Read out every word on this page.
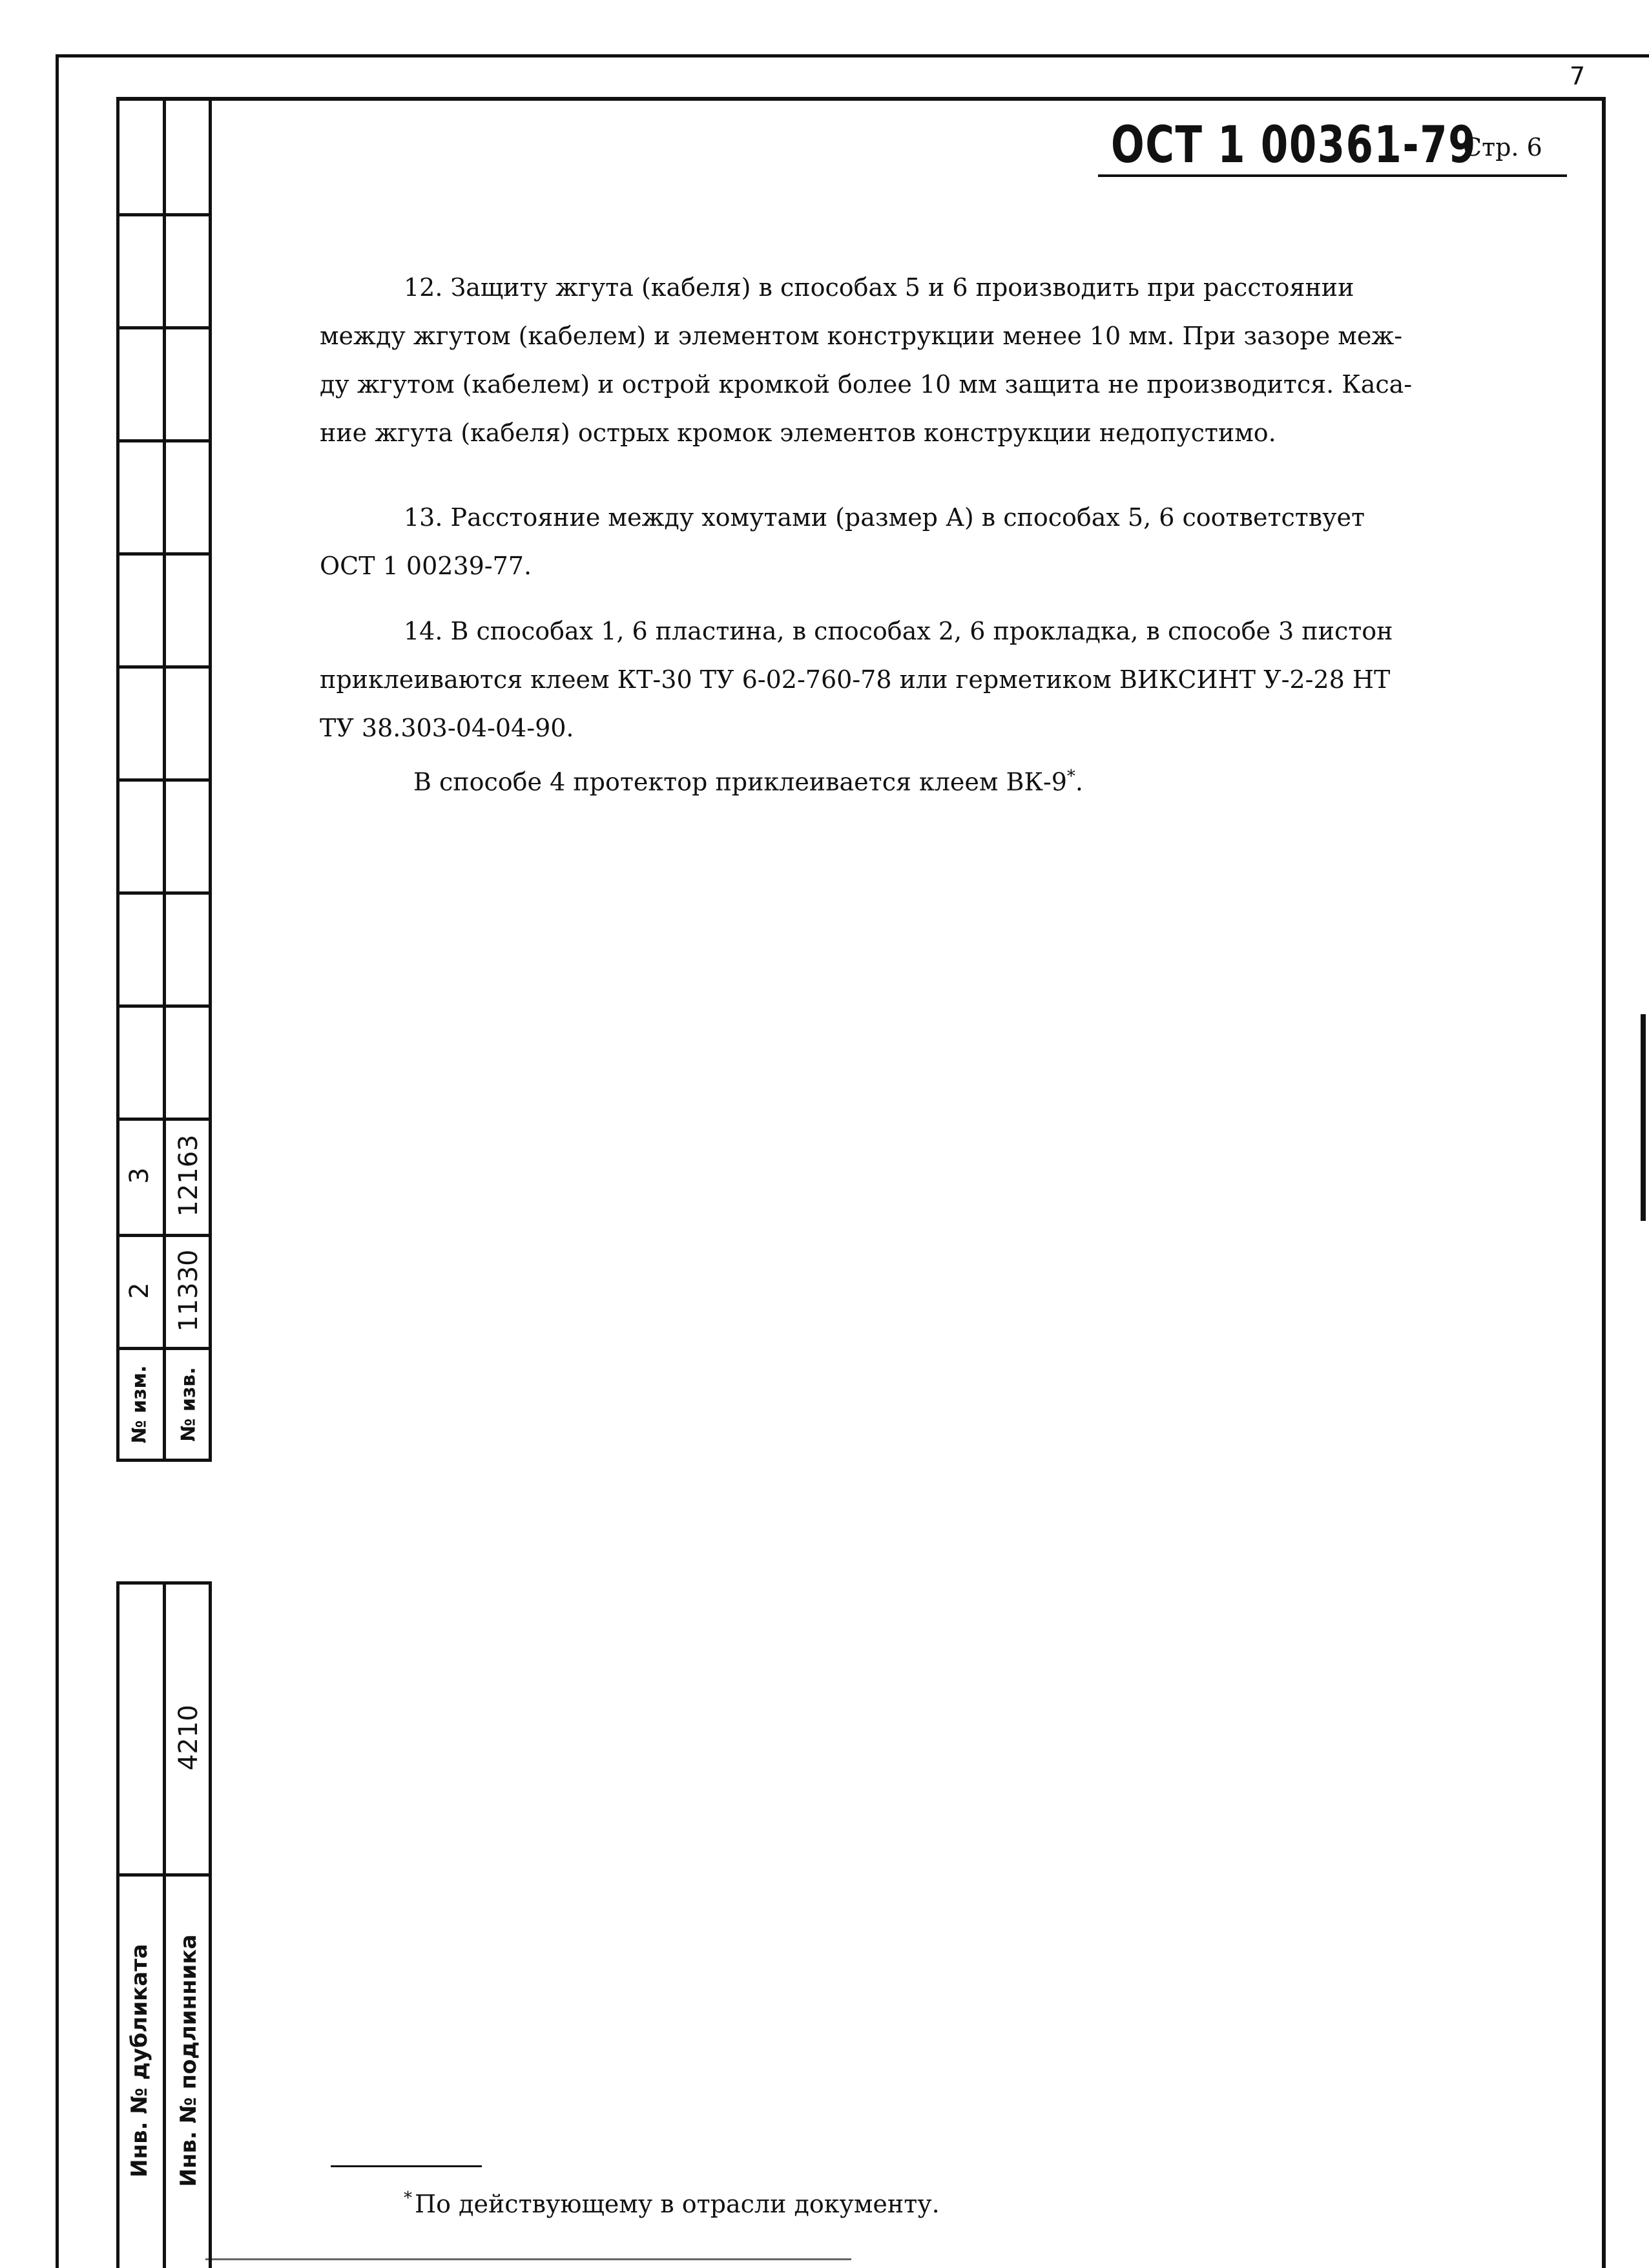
7
ОСТ 1 00361-79
Стр. 6
12. Защиту жгута (кабеля) в способах 5 и 6 производить при расстоянии
между жгутом (кабелем) и элементом конструкции менее 10 мм. При зазоре меж-
ду жгутом (кабелем) и острой кромкой более 10 мм защита не производится. Каса-
ние жгута (кабеля) острых кромок элементов конструкции недопустимо.
13. Расстояние между хомутами (размер А) в способах 5, 6 соответствует
ОСТ 1 00239-77.
14. В способах 1, 6 пластина, в способах 2, 6 прокладка, в способе 3 пистон
приклеиваются клеем КТ-30 ТУ 6-02-760-78 или герметиком ВИКСИНТ У-2-28 НТ
ТУ 38.303-04-04-90.
В способе 4 протектор приклеивается клеем ВК-9*.
* По действующему в отрасли документу.
3 12163
2 11330
№ изм. № изв.
4210
Инв. № дубликата Инв. № подлинника
